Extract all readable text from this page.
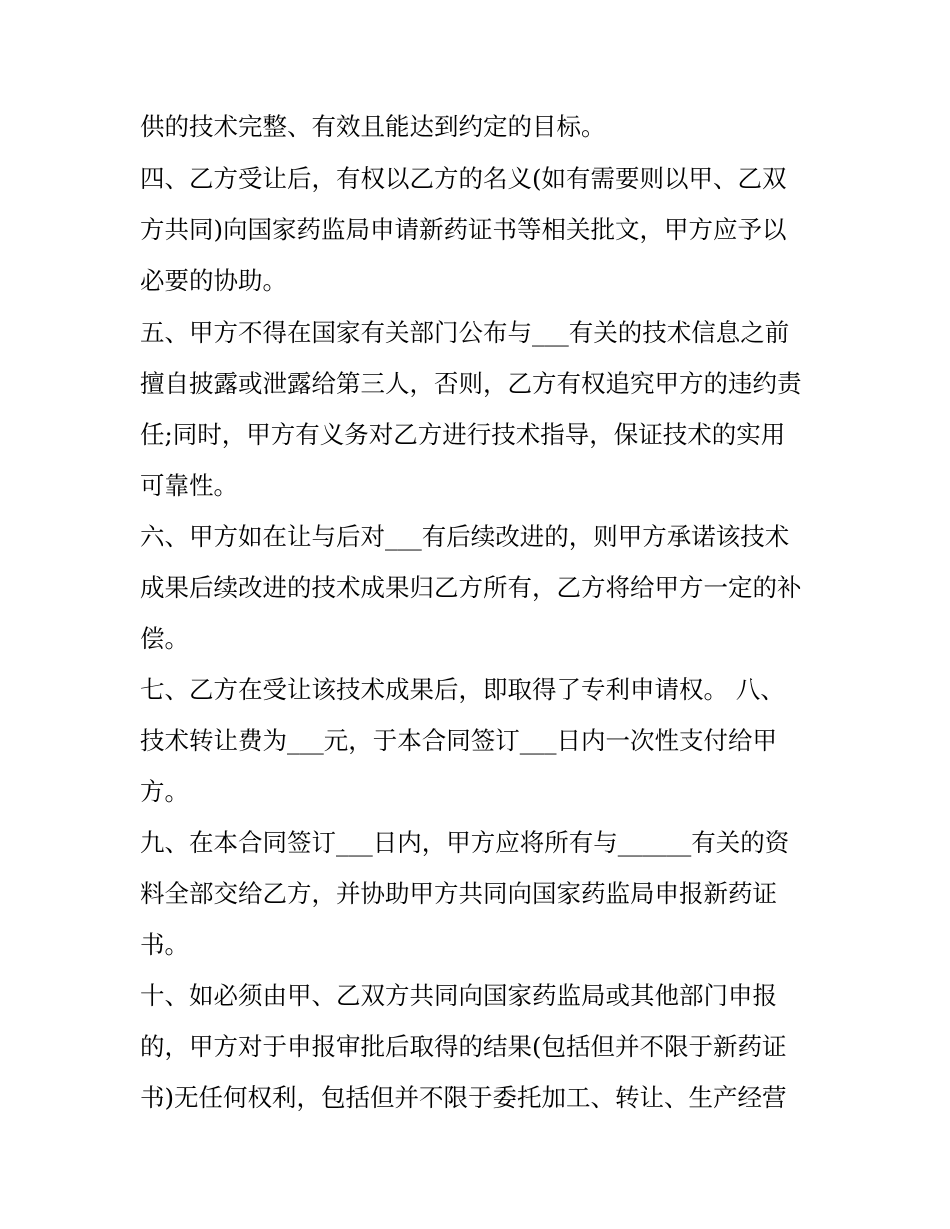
供的技术完整、有效且能达到约定的目标。
四、乙方受让后，有权以乙方的名义(如有需要则以甲、乙双
方共同)向国家药监局申请新药证书等相关批文，甲方应予以
必要的协助。
五、甲方不得在国家有关部门公布与___有关的技术信息之前
擅自披露或泄露给第三人，否则，乙方有权追究甲方的违约责
任;同时，甲方有义务对乙方进行技术指导，保证技术的实用
可靠性。
六、甲方如在让与后对___有后续改进的，则甲方承诺该技术
成果后续改进的技术成果归乙方所有，乙方将给甲方一定的补
偿。
七、乙方在受让该技术成果后，即取得了专利申请权。 八、
技术转让费为___元，于本合同签订___日内一次性支付给甲
方。
九、在本合同签订___日内，甲方应将所有与______有关的资
料全部交给乙方，并协助甲方共同向国家药监局申报新药证
书。
十、如必须由甲、乙双方共同向国家药监局或其他部门申报
的，甲方对于申报审批后取得的结果(包括但并不限于新药证
书)无任何权利，包括但并不限于委托加工、转让、生产经营
